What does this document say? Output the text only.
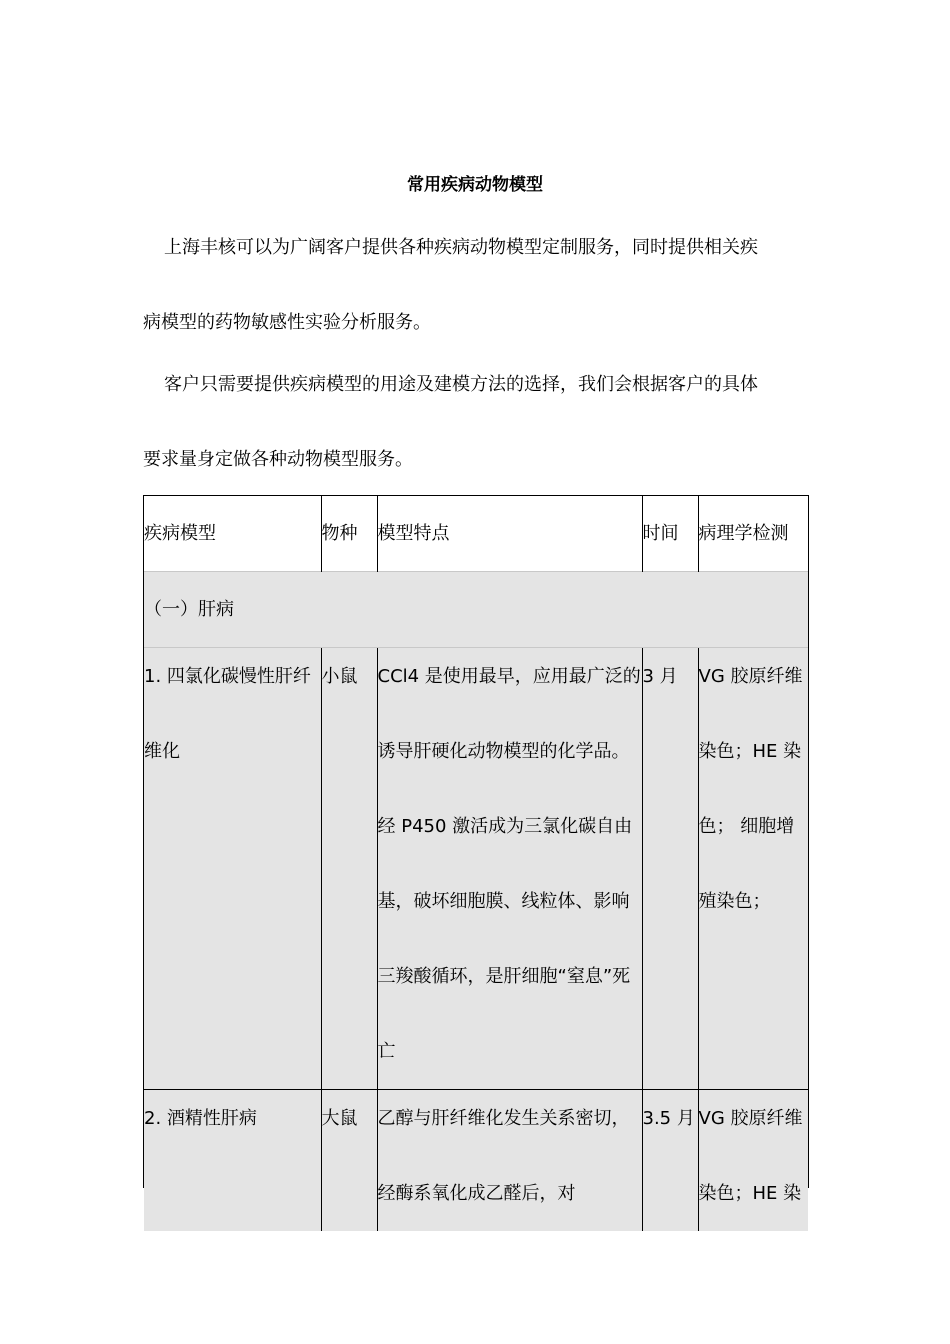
常用疾病动物模型
上海丰核可以为广阔客户提供各种疾病动物模型定制服务，同时提供相关疾
病模型的药物敏感性实验分析服务。
客户只需要提供疾病模型的用途及建模方法的选择，我们会根据客户的具体
要求量身定做各种动物模型服务。
疾病模型	物种	模型特点	时间	病理学检测
（一）肝病				

1. 四氯化碳慢性肝纤维化	小鼠	CCl4 是使用最早，应用最广泛的诱导肝硬化动物模型的化学品。经 P450 激活成为三氯化碳自由基，破坏细胞膜、线粒体、影响三羧酸循环，是肝细胞“窒息”死亡	3 月	VG 胶原纤维染色；HE 染色； 细胞增殖染色；

2. 酒精性肝病	大鼠	乙醇与肝纤维化发生关系密切，经酶系氧化成乙醛后，对	3.5 月	VG 胶原纤维染色；HE 染
